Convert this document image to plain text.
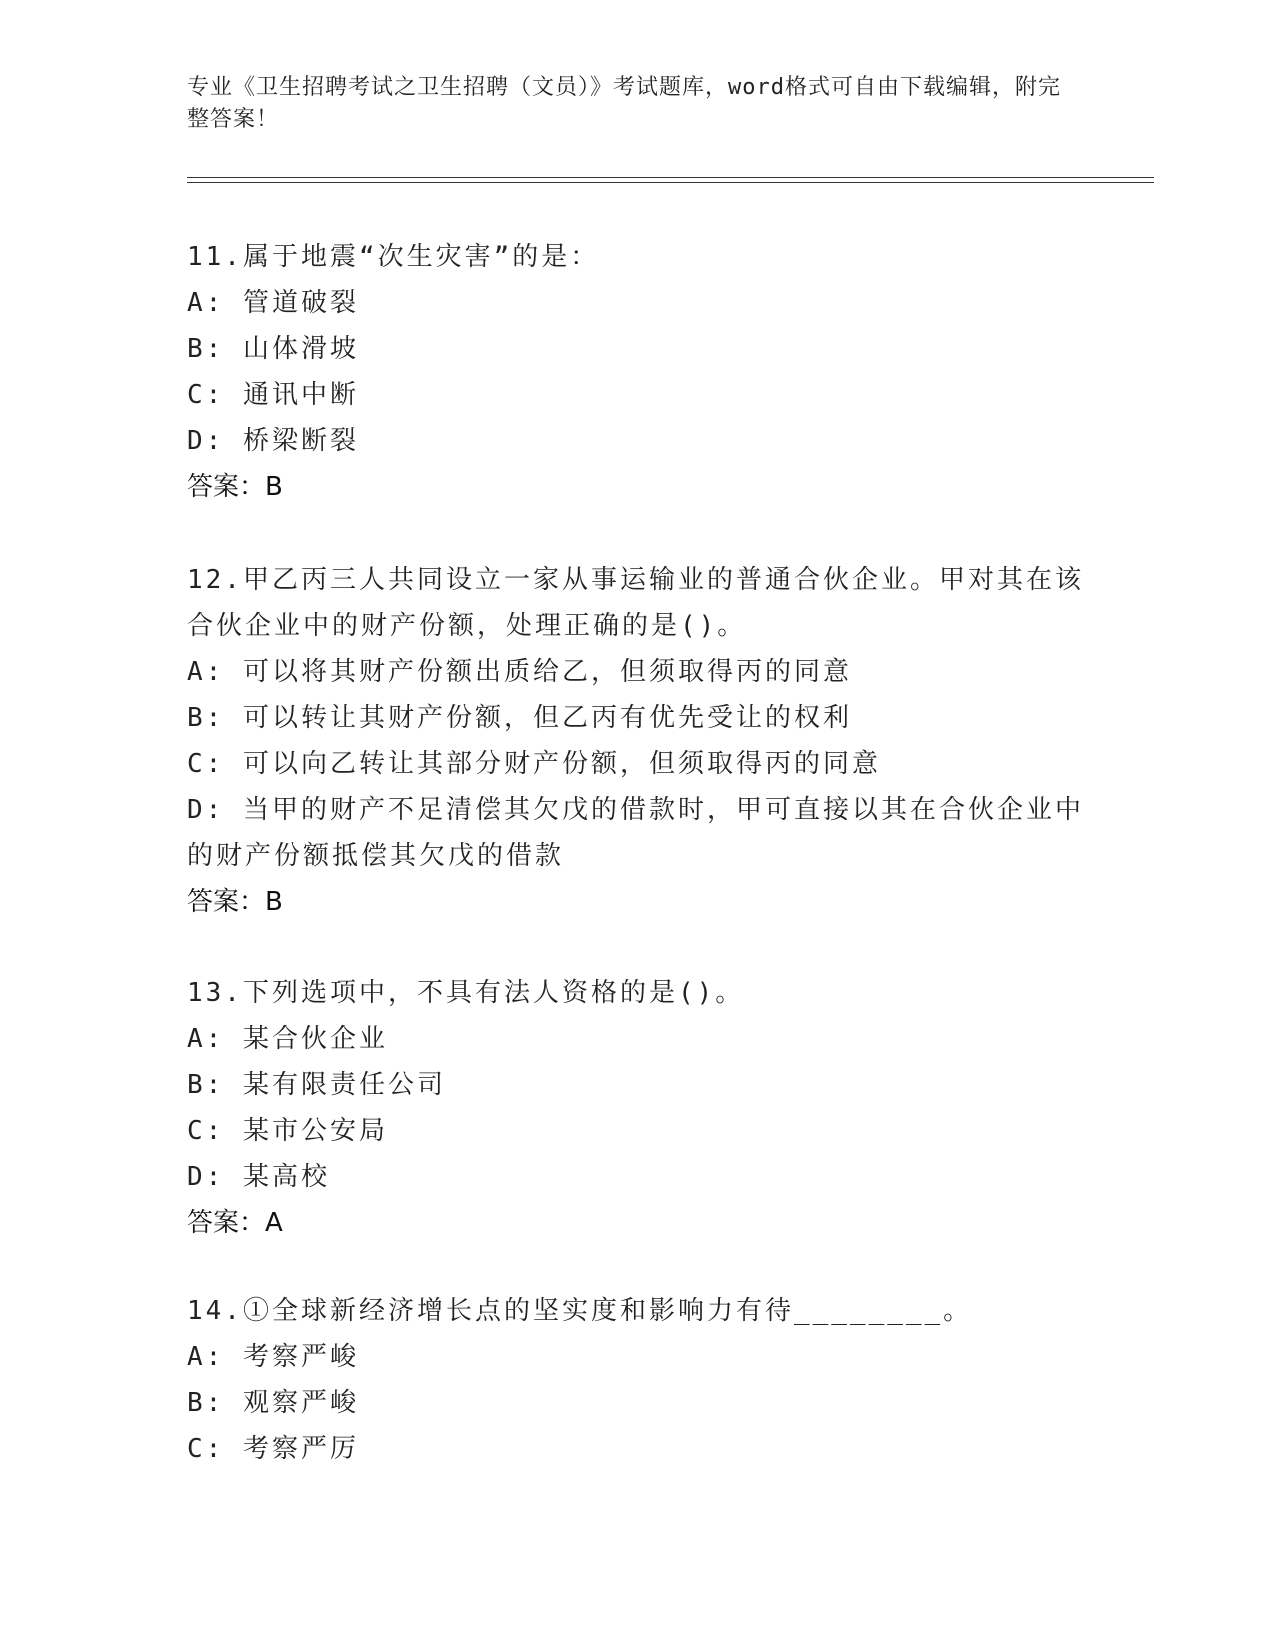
专业《卫生招聘考试之卫生招聘（文员）》考试题库，word格式可自由下载编辑，附完整答案！

11.属于地震“次生灾害”的是：

A: 管道破裂

B: 山体滑坡

C: 通讯中断

D: 桥梁断裂

答案：B

12.甲乙丙三人共同设立一家从事运输业的普通合伙企业。甲对其在该合伙企业中的财产份额，处理正确的是()。

A: 可以将其财产份额出质给乙，但须取得丙的同意

B: 可以转让其财产份额，但乙丙有优先受让的权利

C: 可以向乙转让其部分财产份额，但须取得丙的同意

D: 当甲的财产不足清偿其欠戊的借款时，甲可直接以其在合伙企业中的财产份额抵偿其欠戊的借款

答案：B

13.下列选项中，不具有法人资格的是()。

A: 某合伙企业

B: 某有限责任公司

C: 某市公安局

D: 某高校

答案：A

14.①全球新经济增长点的坚实度和影响力有待________。

A: 考察严峻

B: 观察严峻

C: 考察严厉
